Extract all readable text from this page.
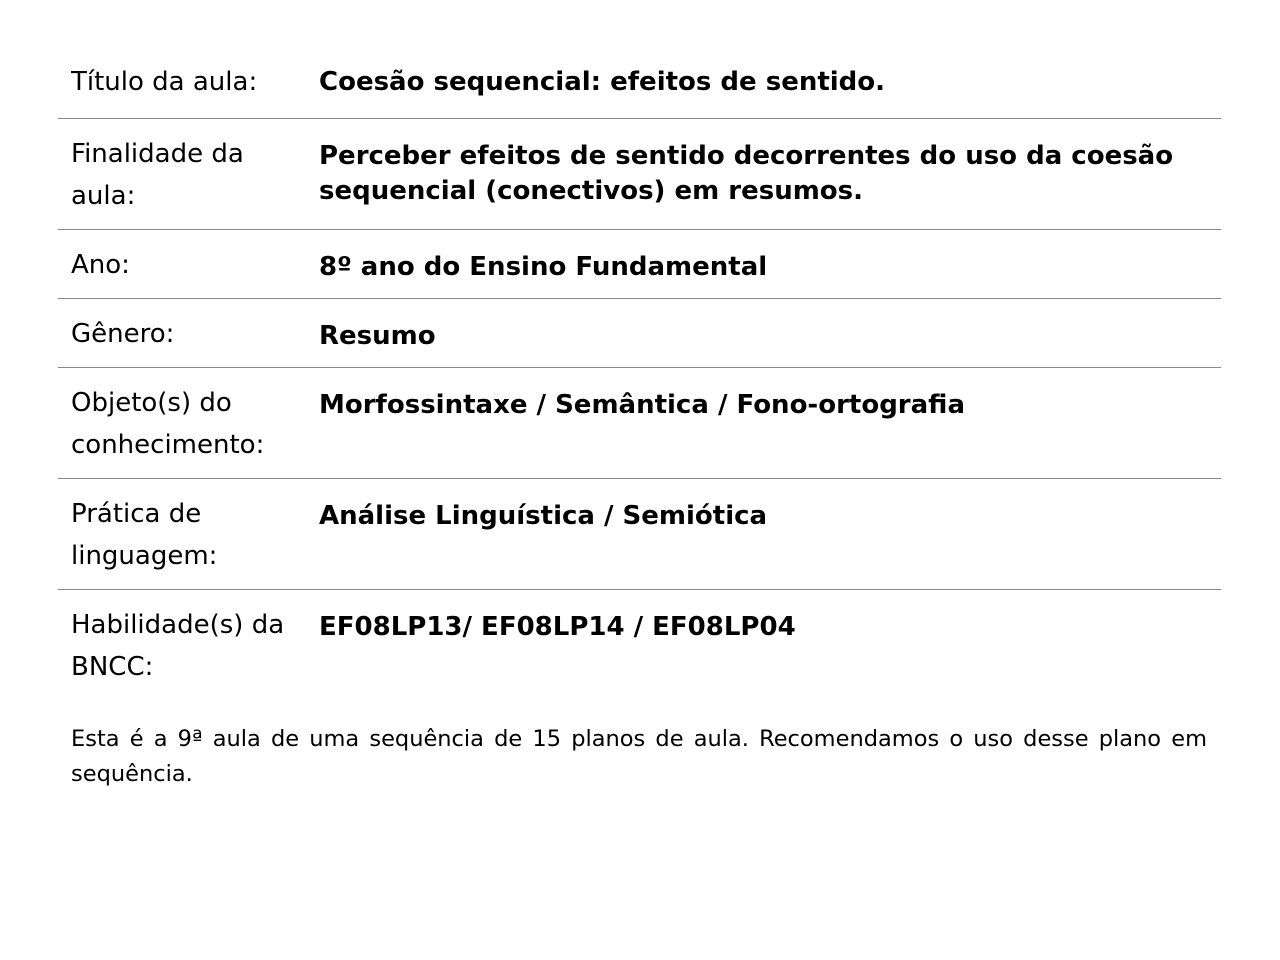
Título da aula:	Coesão sequencial: efeitos de sentido.
Finalidade da aula:	Perceber efeitos de sentido decorrentes do uso da coesão sequencial (conectivos) em resumos.
Ano:	8º ano do Ensino Fundamental
Gênero:	Resumo
Objeto(s) do conhecimento:	Morfossintaxe / Semântica / Fono-ortografia
Prática de linguagem:	Análise Linguística / Semiótica
Habilidade(s) da BNCC:	EF08LP13/ EF08LP14 / EF08LP04

Esta é a 9ª aula de uma sequência de 15 planos de aula. Recomendamos o uso desse plano em sequência.
